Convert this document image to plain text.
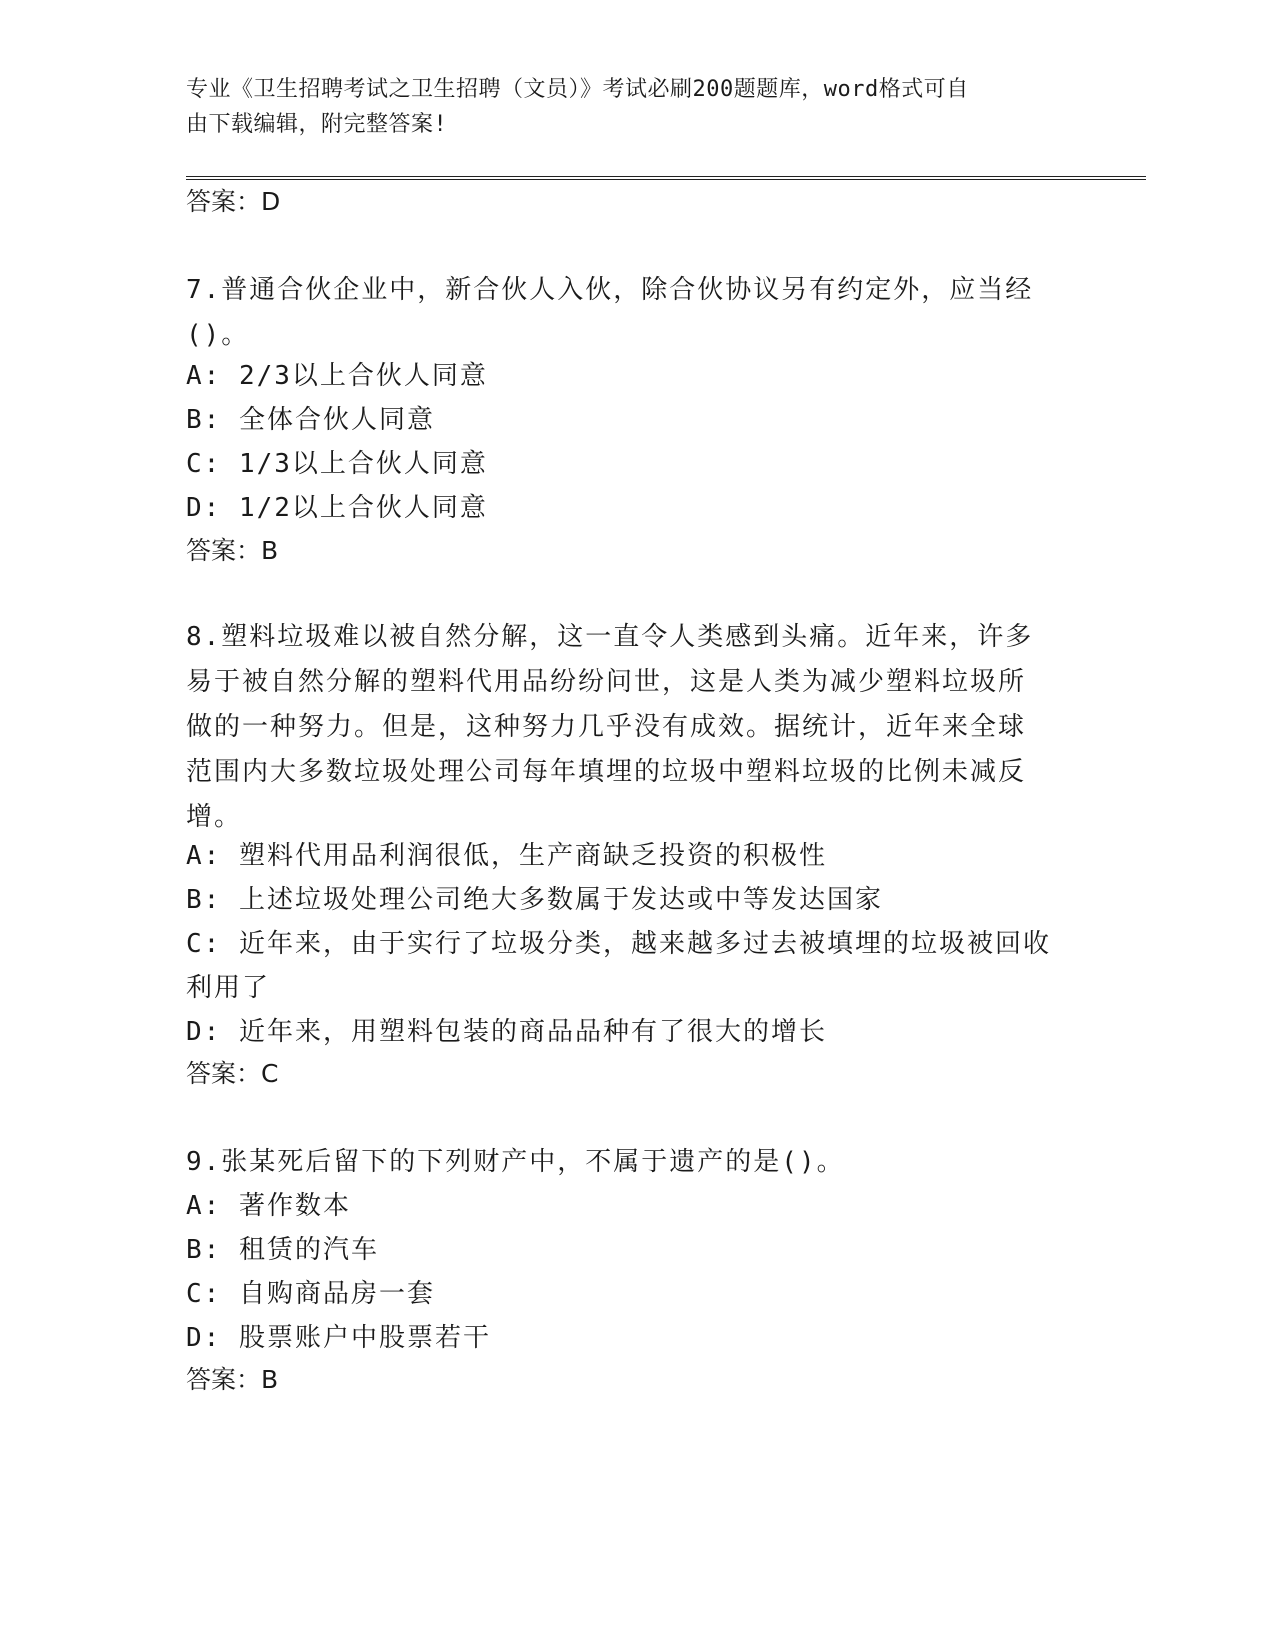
专业《卫生招聘考试之卫生招聘（文员）》考试必刷200题题库，word格式可自
由下载编辑，附完整答案!
答案：D
7.普通合伙企业中，新合伙人入伙，除合伙协议另有约定外，应当经
()。
A: 2/3以上合伙人同意
B: 全体合伙人同意
C: 1/3以上合伙人同意
D: 1/2以上合伙人同意
答案：B
8.塑料垃圾难以被自然分解，这一直令人类感到头痛。近年来，许多
易于被自然分解的塑料代用品纷纷问世，这是人类为减少塑料垃圾所
做的一种努力。但是，这种努力几乎没有成效。据统计，近年来全球
范围内大多数垃圾处理公司每年填埋的垃圾中塑料垃圾的比例未减反
增。
A: 塑料代用品利润很低，生产商缺乏投资的积极性
B: 上述垃圾处理公司绝大多数属于发达或中等发达国家
C: 近年来，由于实行了垃圾分类，越来越多过去被填埋的垃圾被回收
利用了
D: 近年来，用塑料包装的商品品种有了很大的增长
答案：C
9.张某死后留下的下列财产中，不属于遗产的是()。
A: 著作数本
B: 租赁的汽车
C: 自购商品房一套
D: 股票账户中股票若干
答案：B
